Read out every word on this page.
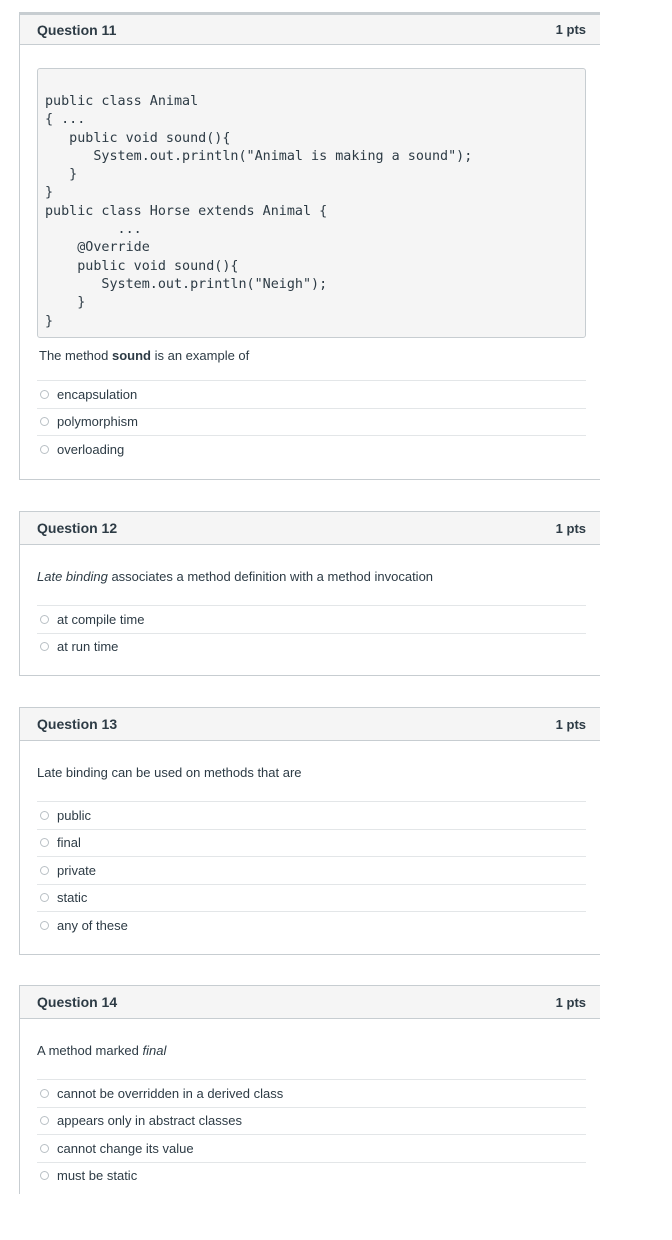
Question 11	1 pts
public class Animal
{ ...
public void sound(){
System.out.println("Animal is making a sound");
}
}
public class Horse extends Animal {
...
@Override
public void sound(){
System.out.println("Neigh");
}
}
The method sound is an example of
encapsulation
polymorphism
overloading
Question 12	1 pts
Late binding associates a method definition with a method invocation
at compile time
at run time
Question 13	1 pts
Late binding can be used on methods that are
public
final
private
static
any of these
Question 14	1 pts
A method marked final
cannot be overridden in a derived class
appears only in abstract classes
cannot change its value
must be static
